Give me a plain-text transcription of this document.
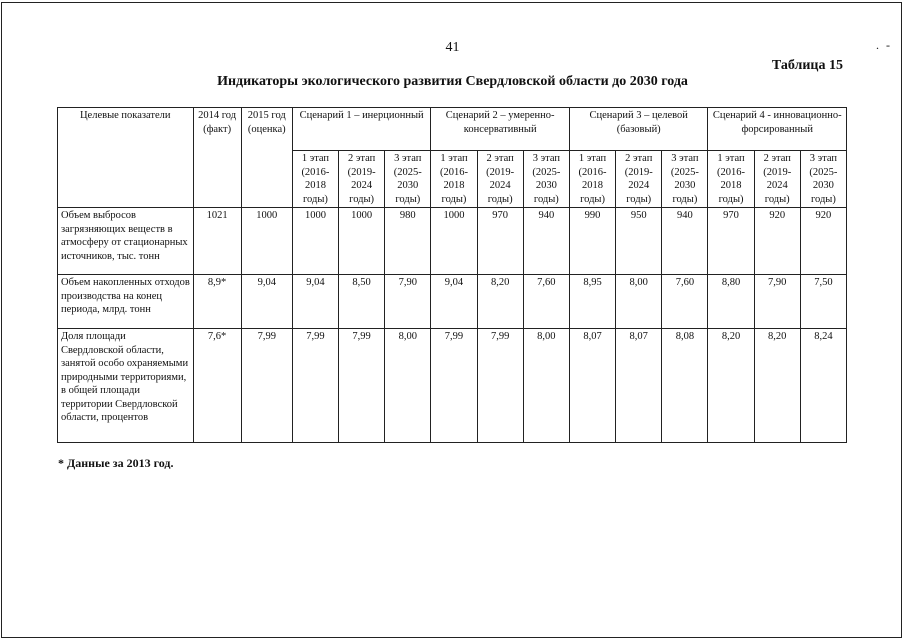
41	. -
Таблица 15
Индикаторы экологического развития Свердловской области до 2030 года
Целевые показатели	2014 год (факт)	2015 год (оценка)	Сценарий 1 – инерционный			Сценарий 2 – умеренно-консервативный			Сценарий 3 – целевой (базовый)			Сценарий 4 - инновационно-форсированный		
			1 этап (2016-2018 годы)	2 этап (2019-2024 годы)	3 этап (2025-2030 годы)	1 этап (2016-2018 годы)	2 этап (2019-2024 годы)	3 этап (2025-2030 годы)	1 этап (2016-2018 годы)	2 этап (2019-2024 годы)	3 этап (2025-2030 годы)	1 этап (2016-2018 годы)	2 этап (2019-2024 годы)	3 этап (2025-2030 годы)
Объем выбросов загрязняющих веществ в атмосферу от стационарных источников, тыс. тонн	1021	1000	1000	1000	980	1000	970	940	990	950	940	970	920	920
Объем накопленных отходов производства на конец периода, млрд. тонн	8,9*	9,04	9,04	8,50	7,90	9,04	8,20	7,60	8,95	8,00	7,60	8,80	7,90	7,50
Доля площади Свердловской области, занятой особо охраняемыми природными территориями, в общей площади территории Свердловской области, процентов	7,6*	7,99	7,99	7,99	8,00	7,99	7,99	8,00	8,07	8,07	8,08	8,20	8,20	8,24
* Данные за 2013 год.
